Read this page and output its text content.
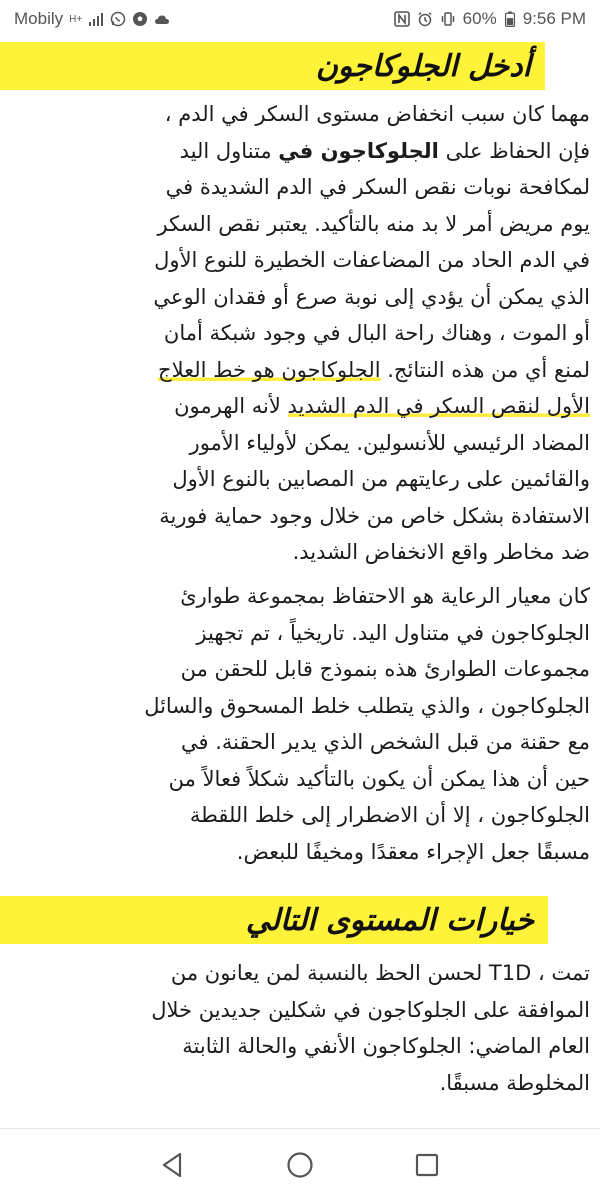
Mobily H+	60% 9:56 PM
أدخل الجلوكاجون
مهما كان سبب انخفاض مستوى السكر في الدم ،
فإن الحفاظ على الجلوكاجون في متناول اليد
لمكافحة نوبات نقص السكر في الدم الشديدة في
يوم مريض أمر لا بد منه بالتأكيد. يعتبر نقص السكر
في الدم الحاد من المضاعفات الخطيرة للنوع الأول
الذي يمكن أن يؤدي إلى نوبة صرع أو فقدان الوعي
أو الموت ، وهناك راحة البال في وجود شبكة أمان
لمنع أي من هذه النتائج. الجلوكاجون هو خط العلاج
الأول لنقص السكر في الدم الشديد لأنه الهرمون
المضاد الرئيسي للأنسولين. يمكن لأولياء الأمور
والقائمين على رعايتهم من المصابين بالنوع الأول
الاستفادة بشكل خاص من خلال وجود حماية فورية
ضد مخاطر واقع الانخفاض الشديد.
كان معيار الرعاية هو الاحتفاظ بمجموعة طوارئ
الجلوكاجون في متناول اليد. تاريخياً ، تم تجهيز
مجموعات الطوارئ هذه بنموذج قابل للحقن من
الجلوكاجون ، والذي يتطلب خلط المسحوق والسائل
مع حقنة من قبل الشخص الذي يدير الحقنة. في
حين أن هذا يمكن أن يكون بالتأكيد شكلاً فعالاً من
الجلوكاجون ، إلا أن الاضطرار إلى خلط اللقطة
مسبقًا جعل الإجراء معقدًا ومخيفًا للبعض.
خيارات المستوى التالي
تمت ، T1D لحسن الحظ بالنسبة لمن يعانون من
الموافقة على الجلوكاجون في شكلين جديدين خلال
العام الماضي: الجلوكاجون الأنفي والحالة الثابتة
المخلوطة مسبقًا.
